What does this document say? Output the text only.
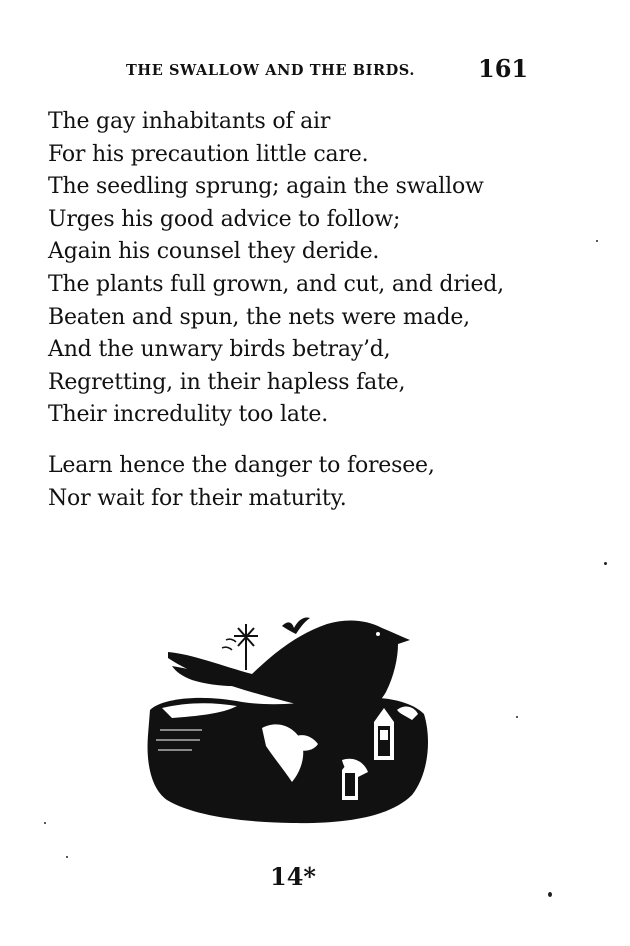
THE SWALLOW AND THE BIRDS.	161
The gay inhabitants of air
For his precaution little care.
The seedling sprung; again the swallow
Urges his good advice to follow;
Again his counsel they deride.
The plants full grown, and cut, and dried,
Beaten and spun, the nets were made,
And the unwary birds betray’d,
Regretting, in their hapless fate,
Their incredulity too late.
Learn hence the danger to foresee,
Nor wait for their maturity.
14*
